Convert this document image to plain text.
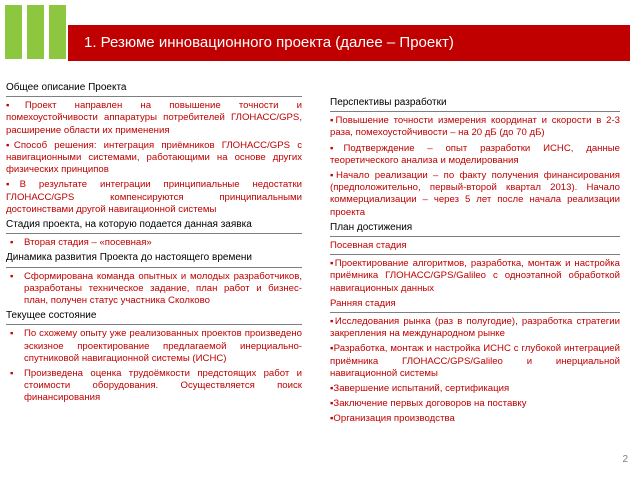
1. Резюме инновационного проекта (далее – Проект)
Общее описание Проекта
▪ Проект направлен на повышение точности и помехоустойчивости аппаратуры потребителей ГЛОНАСС/GPS, расширение области их применения
▪ Способ решения: интеграция приёмников ГЛОНАСС/GPS с навигационными системами, работающими на основе других физических принципов
▪ В результате интеграции принципиальные недостатки ГЛОНАСС/GPS компенсируются принципиальными достоинствами другой навигационной системы
Стадия проекта, на которую подается данная заявка
▪ Вторая стадия – «посевная»
Динамика развития Проекта до настоящего времени
▪ Сформирована команда опытных и молодых разработчиков, разработаны техническое задание, план работ и бизнес-план, получен статус участника Сколково
Текущее состояние
▪ По схожему опыту уже реализованных проектов произведено эскизное проектирование предлагаемой инерциально-спутниковой навигационной системы (ИСНС)
▪ Произведена оценка трудоёмкости предстоящих работ и стоимости оборудования. Осуществляется поиск финансирования
Перспективы разработки
▪ Повышение точности измерения координат и скорости в 2-3 раза, помехоустойчивости – на 20 дБ (до 70 дБ)
▪ Подтверждение – опыт разработки ИСНС, данные теоретического анализа и моделирования
▪ Начало реализации – по факту получения финансирования (предположительно, первый-второй квартал 2013). Начало коммерциализации – через 5 лет после начала реализации проекта
План достижения
Посевная стадия
▪ Проектирование алгоритмов, разработка, монтаж и настройка приёмника ГЛОНАСС/GPS/Galileo с одноэтапной обработкой навигационных данных
Ранняя стадия
▪ Исследования рынка (раз в полугодие), разработка стратегии закрепления на международном рынке
▪ Разработка, монтаж и настройка ИСНС с глубокой интеграцией приёмника ГЛОНАСС/GPS/Galileo и инерциальной навигационной системы
▪ Завершение испытаний, сертификация
▪ Заключение первых договоров на поставку
▪ Организация производства
2
